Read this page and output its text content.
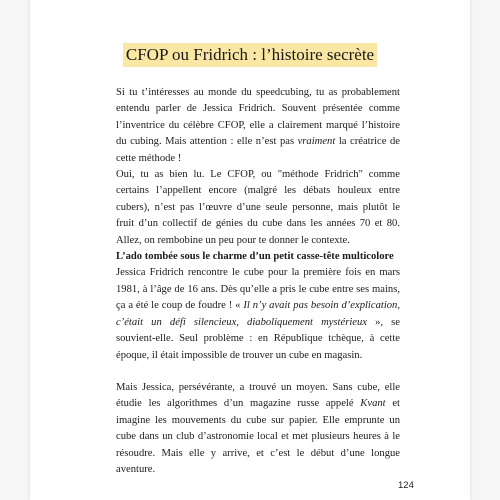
CFOP ou Fridrich : l’histoire secrète

Si tu t’intéresses au monde du speedcubing, tu as probablement entendu parler de Jessica Fridrich. Souvent présentée comme l’inventrice du célèbre CFOP, elle a clairement marqué l’histoire du cubing. Mais attention : elle n’est pas vraiment la créatrice de cette méthode !

Oui, tu as bien lu. Le CFOP, ou "méthode Fridrich" comme certains l’appellent encore (malgré les débats houleux entre cubers), n’est pas l’œuvre d’une seule personne, mais plutôt le fruit d’un collectif de génies du cube dans les années 70 et 80. Allez, on rembobine un peu pour te donner le contexte.

L’ado tombée sous le charme d’un petit casse-tête multicolore

Jessica Fridrich rencontre le cube pour la première fois en mars 1981, à l’âge de 16 ans. Dès qu’elle a pris le cube entre ses mains, ça a été le coup de foudre ! « Il n’y avait pas besoin d’explication, c’était un défi silencieux, diaboliquement mystérieux », se souvient-elle. Seul problème : en République tchèque, à cette époque, il était impossible de trouver un cube en magasin.

Mais Jessica, persévérante, a trouvé un moyen. Sans cube, elle étudie les algorithmes d’un magazine russe appelé Kvant et imagine les mouvements du cube sur papier. Elle emprunte un cube dans un club d’astronomie local et met plusieurs heures à le résoudre. Mais elle y arrive, et c’est le début d’une longue aventure.

124
